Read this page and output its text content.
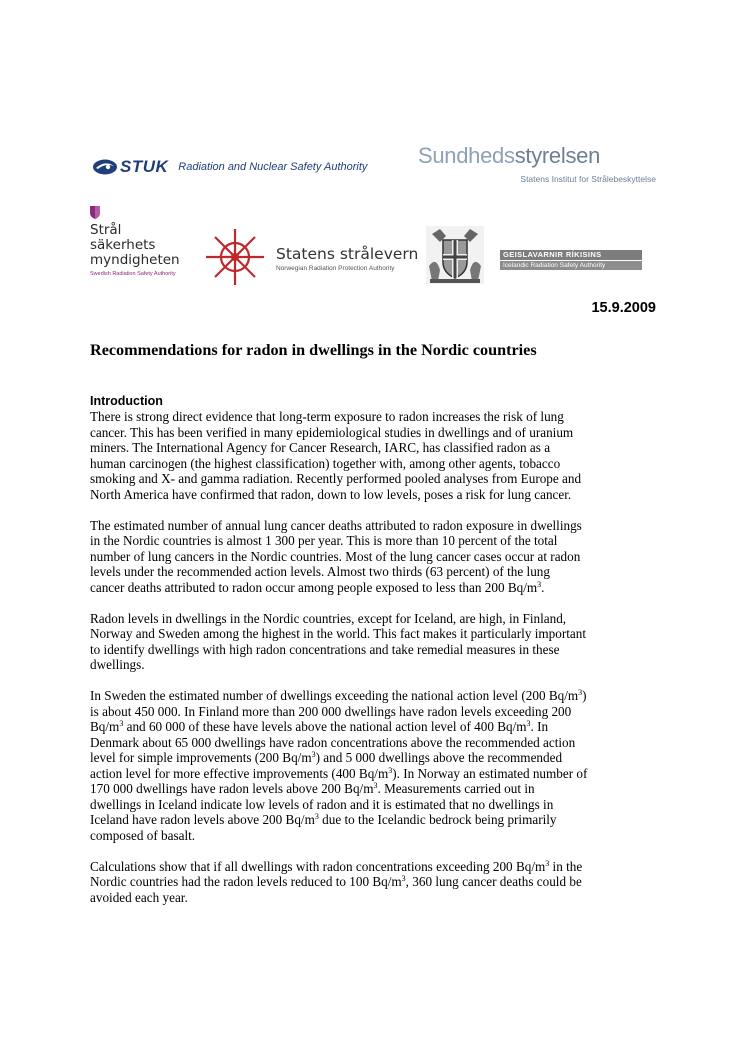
STUK Radiation and Nuclear Safety Authority Sundhedsstyrelsen
Statens Institut for Strålebeskyttelse
Strål
säkerhets
myndigheten
Swedish Radiation Safety Authority
Statens strålevern
Norwegian Radiation Protection Authority
GEISLAVARNIR RÍKISINS
Icelandic Radiation Safety Authority
15.9.2009
Recommendations for radon in dwellings in the Nordic countries
Introduction
There is strong direct evidence that long-term exposure to radon increases the risk of lung
cancer. This has been verified in many epidemiological studies in dwellings and of uranium
miners. The International Agency for Cancer Research, IARC, has classified radon as a
human carcinogen (the highest classification) together with, among other agents, tobacco
smoking and X- and gamma radiation. Recently performed pooled analyses from Europe and
North America have confirmed that radon, down to low levels, poses a risk for lung cancer.
The estimated number of annual lung cancer deaths attributed to radon exposure in dwellings
in the Nordic countries is almost 1 300 per year. This is more than 10 percent of the total
number of lung cancers in the Nordic countries. Most of the lung cancer cases occur at radon
levels under the recommended action levels. Almost two thirds (63 percent) of the lung
cancer deaths attributed to radon occur among people exposed to less than 200 $Bq/m^3$.
Radon levels in dwellings in the Nordic countries, except for Iceland, are high, in Finland,
Norway and Sweden among the highest in the world. This fact makes it particularly important
to identify dwellings with high radon concentrations and take remedial measures in these
dwellings.
In Sweden the estimated number of dwellings exceeding the national action level (200 $Bq/m^3$)
is about 450 000. In Finland more than 200 000 dwellings have radon levels exceeding 200
$Bq/m^3$ and 60 000 of these have levels above the national action level of 400 $Bq/m^3$. In
Denmark about 65 000 dwellings have radon concentrations above the recommended action
level for simple improvements (200 $Bq/m^3$) and 5 000 dwellings above the recommended
action level for more effective improvements (400 $Bq/m^3$). In Norway an estimated number of
170 000 dwellings have radon levels above 200 $Bq/m^3$. Measurements carried out in
dwellings in Iceland indicate low levels of radon and it is estimated that no dwellings in
Iceland have radon levels above 200 $Bq/m^3$ due to the Icelandic bedrock being primarily
composed of basalt.
Calculations show that if all dwellings with radon concentrations exceeding 200 $Bq/m^3$ in the
Nordic countries had the radon levels reduced to 100 $Bq/m^3$, 360 lung cancer deaths could be
avoided each year.
